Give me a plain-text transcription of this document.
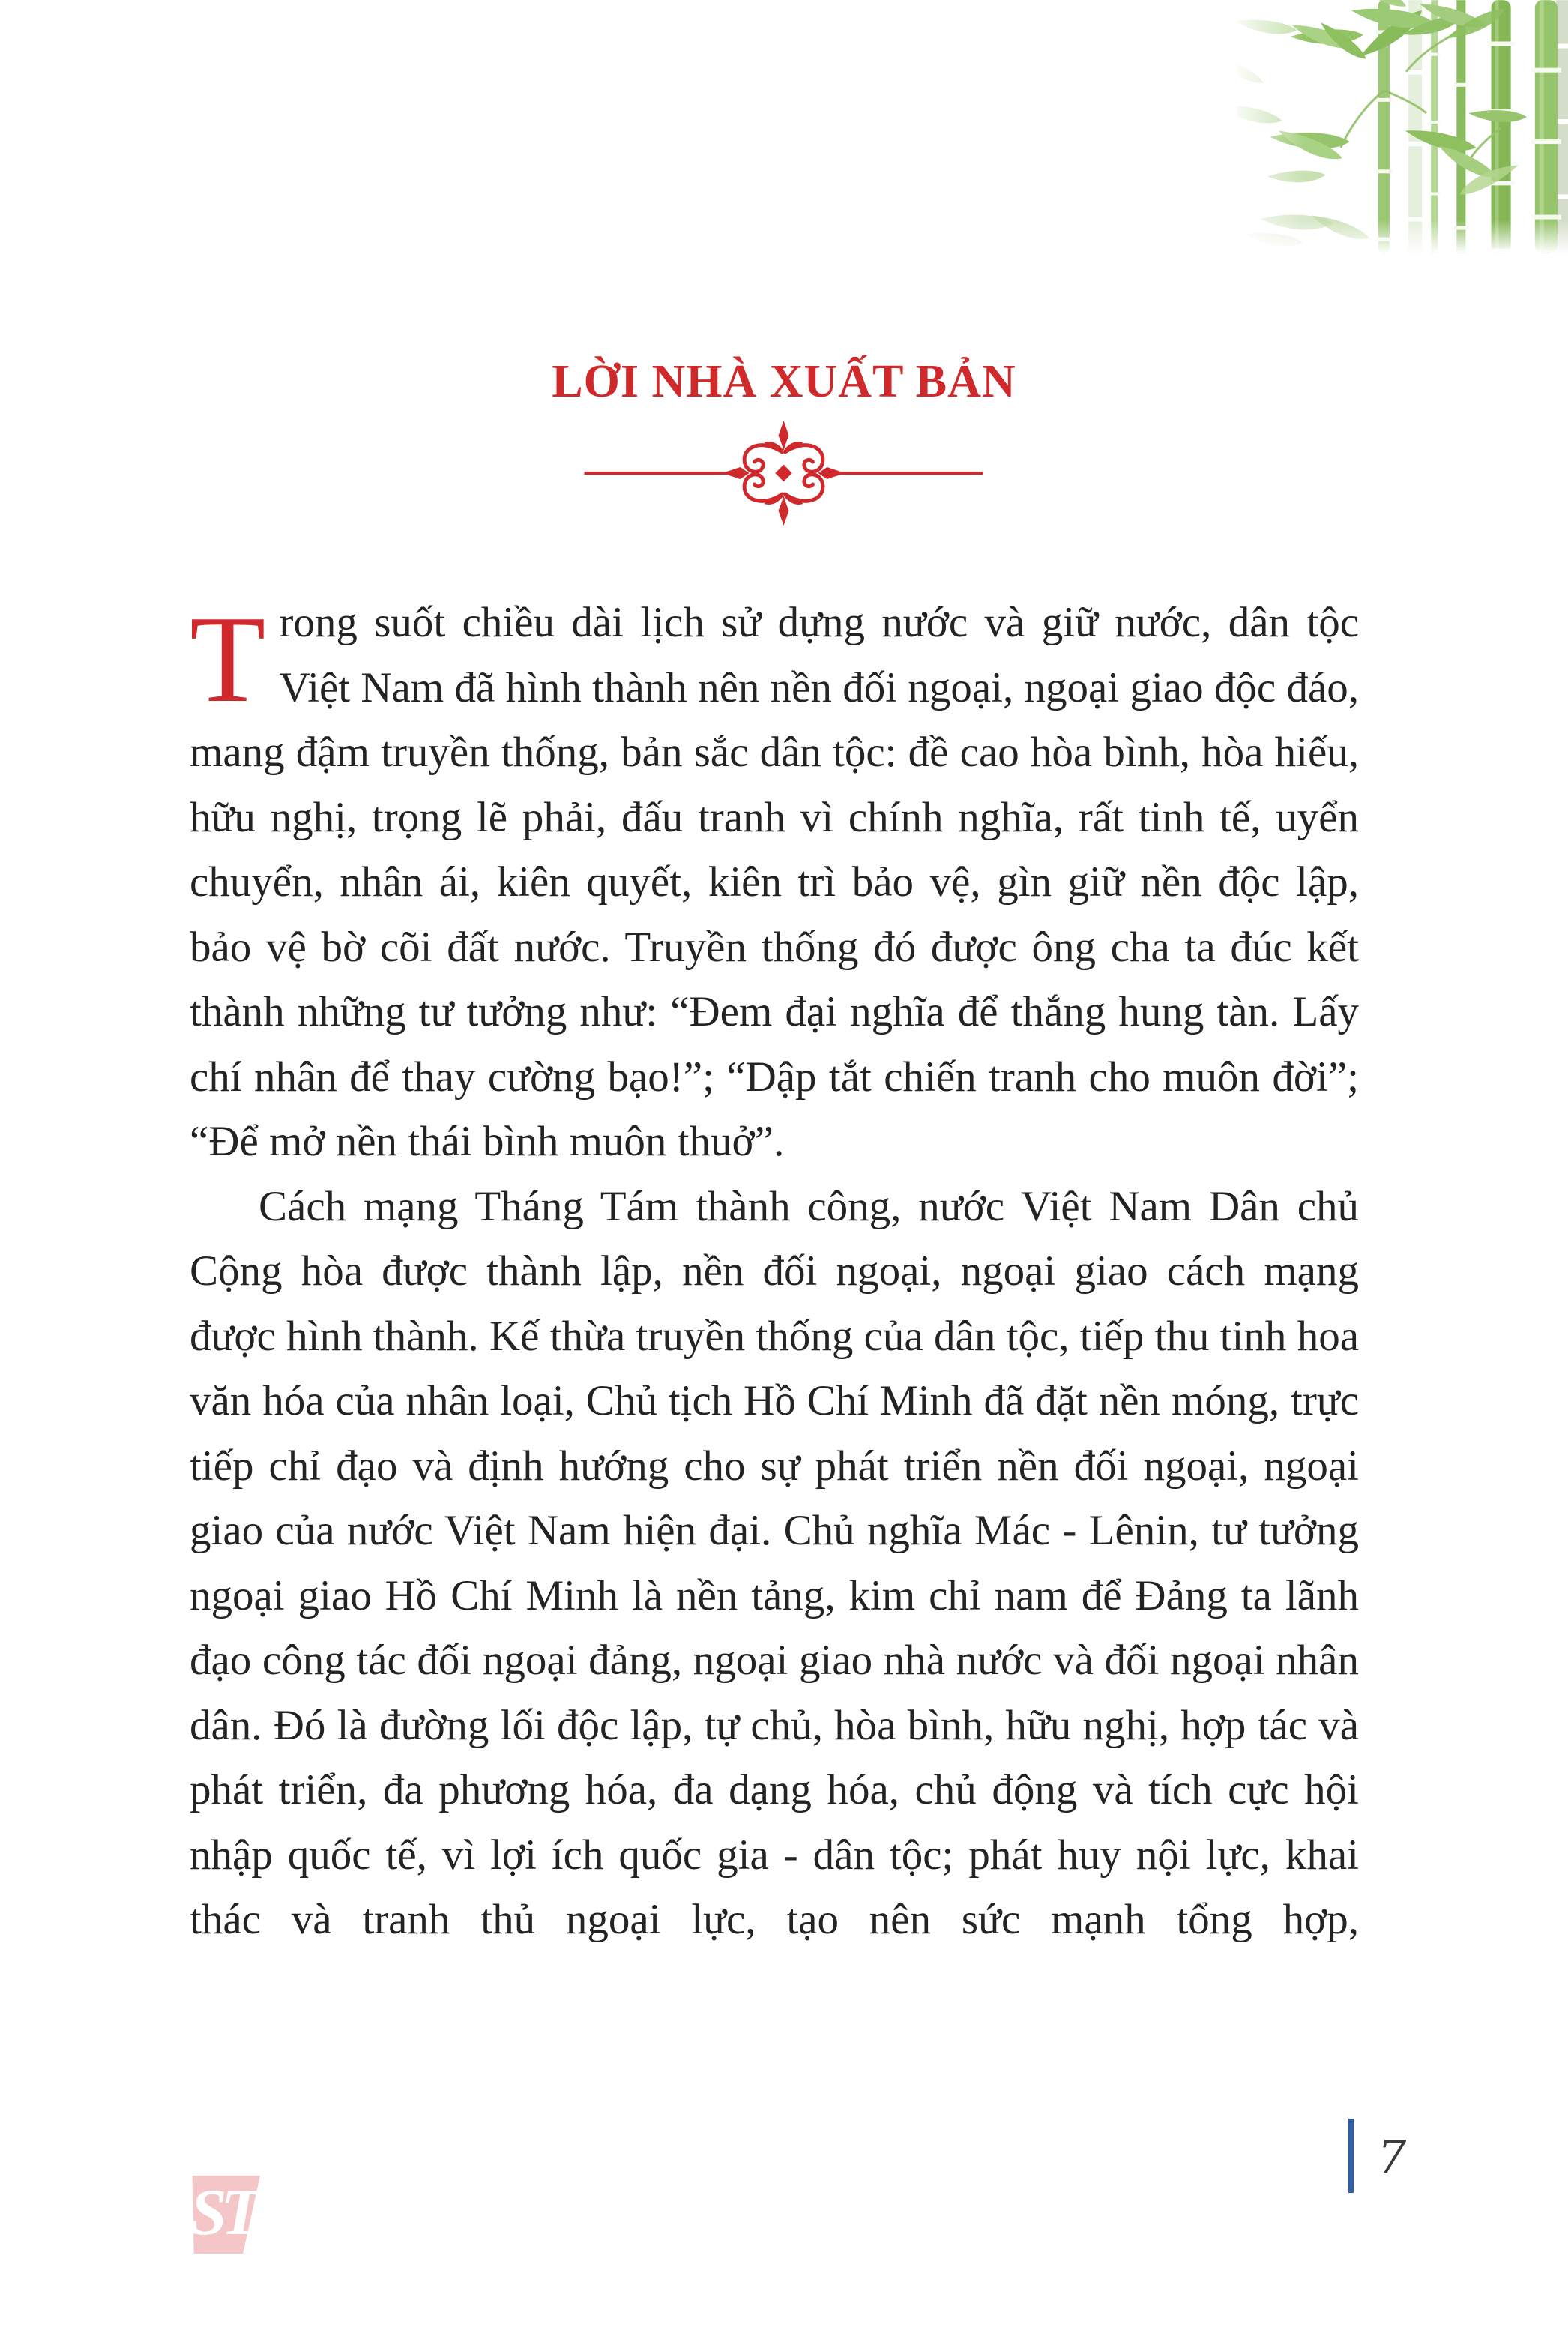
LỜI NHÀ XUẤT BẢN

Trong suốt chiều dài lịch sử dựng nước và giữ nước, dân tộc Việt Nam đã hình thành nên nền đối ngoại, ngoại giao độc đáo, mang đậm truyền thống, bản sắc dân tộc: đề cao hòa bình, hòa hiếu, hữu nghị, trọng lẽ phải, đấu tranh vì chính nghĩa, rất tinh tế, uyển chuyển, nhân ái, kiên quyết, kiên trì bảo vệ, gìn giữ nền độc lập, bảo vệ bờ cõi đất nước. Truyền thống đó được ông cha ta đúc kết thành những tư tưởng như: “Đem đại nghĩa để thắng hung tàn. Lấy chí nhân để thay cường bạo!”; “Dập tắt chiến tranh cho muôn đời”; “Để mở nền thái bình muôn thuở”.

Cách mạng Tháng Tám thành công, nước Việt Nam Dân chủ Cộng hòa được thành lập, nền đối ngoại, ngoại giao cách mạng được hình thành. Kế thừa truyền thống của dân tộc, tiếp thu tinh hoa văn hóa của nhân loại, Chủ tịch Hồ Chí Minh đã đặt nền móng, trực tiếp chỉ đạo và định hướng cho sự phát triển nền đối ngoại, ngoại giao của nước Việt Nam hiện đại. Chủ nghĩa Mác - Lênin, tư tưởng ngoại giao Hồ Chí Minh là nền tảng, kim chỉ nam để Đảng ta lãnh đạo công tác đối ngoại đảng, ngoại giao nhà nước và đối ngoại nhân dân. Đó là đường lối độc lập, tự chủ, hòa bình, hữu nghị, hợp tác và phát triển, đa phương hóa, đa dạng hóa, chủ động và tích cực hội nhập quốc tế, vì lợi ích quốc gia - dân tộc; phát huy nội lực, khai thác và tranh thủ ngoại lực, tạo nên sức mạnh tổng hợp,

ST
7
